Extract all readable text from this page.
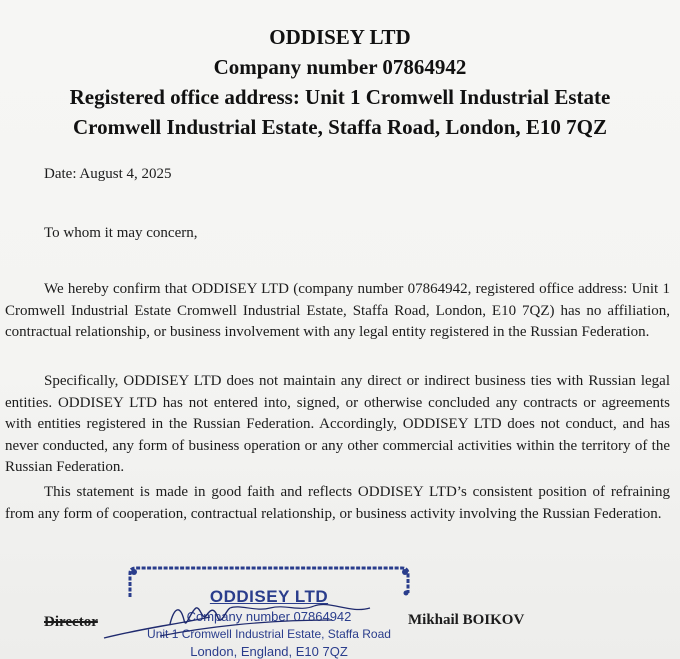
ODDISEY LTD
Company number 07864942
Registered office address: Unit 1 Cromwell Industrial Estate
Cromwell Industrial Estate, Staffa Road, London, E10 7QZ
Date: August 4, 2025
To whom it may concern,

We hereby confirm that ODDISEY LTD (company number 07864942, registered office address: Unit 1 Cromwell Industrial Estate Cromwell Industrial Estate, Staffa Road, London, E10 7QZ) has no affiliation, contractual relationship, or business involvement with any legal entity registered in the Russian Federation.

Specifically, ODDISEY LTD does not maintain any direct or indirect business ties with Russian legal entities. ODDISEY LTD has not entered into, signed, or otherwise concluded any contracts or agreements with entities registered in the Russian Federation. Accordingly, ODDISEY LTD does not conduct, and has never conducted, any form of business operation or any other commercial activities within the territory of the Russian Federation.

This statement is made in good faith and reflects ODDISEY LTD’s consistent position of refraining from any form of cooperation, contractual relationship, or business activity involving the Russian Federation.

Director
ODDISEY LTD
Company number 07864942
Unit 1 Cromwell Industrial Estate, Staffa Road
London, England, E10 7QZ
Mikhail BOIKOV
